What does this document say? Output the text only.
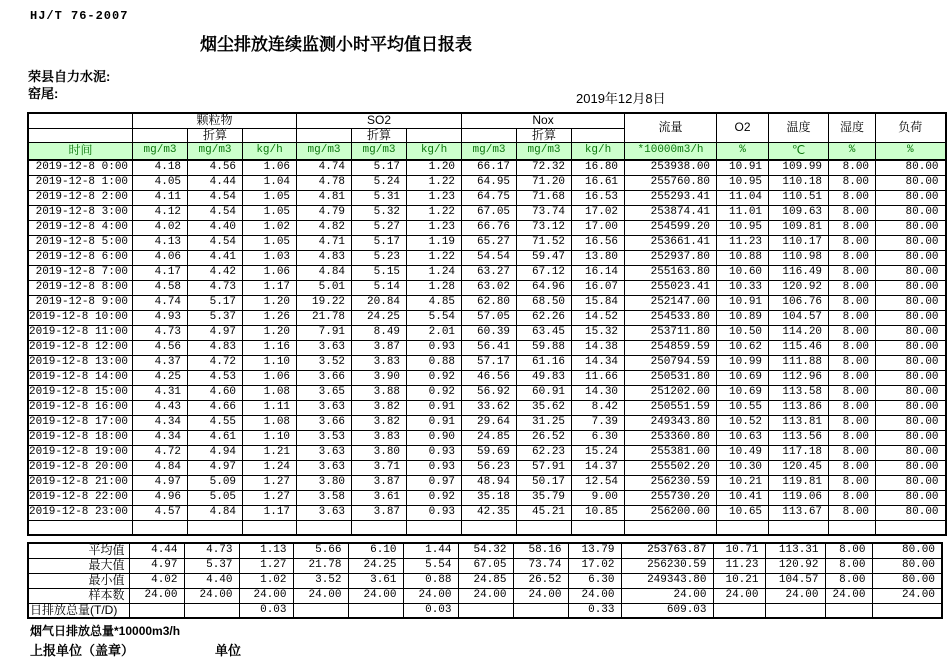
HJ/T 76-2007
烟尘排放连续监测小时平均值日报表
荣县自力水泥:
窑尾:	2019年12月8日
	颗粒物			SO2			Nox			流量	O2	温度	湿度	负荷
		折算			折算			折算						
时间	mg/m3	mg/m3	kg/h	mg/m3	mg/m3	kg/h	mg/m3	mg/m3	kg/h	*10000m3/h	%	℃	%	%
2019-12-8 0:00	4.18	4.56	1.06	4.74	5.17	1.20	66.17	72.32	16.80	253938.00	10.91	109.99	8.00	80.00
2019-12-8 1:00	4.05	4.44	1.04	4.78	5.24	1.22	64.95	71.20	16.61	255760.80	10.95	110.18	8.00	80.00
2019-12-8 2:00	4.11	4.54	1.05	4.81	5.31	1.23	64.75	71.68	16.53	255293.41	11.04	110.51	8.00	80.00
2019-12-8 3:00	4.12	4.54	1.05	4.79	5.32	1.22	67.05	73.74	17.02	253874.41	11.01	109.63	8.00	80.00
2019-12-8 4:00	4.02	4.40	1.02	4.82	5.27	1.23	66.76	73.12	17.00	254599.20	10.95	109.81	8.00	80.00
2019-12-8 5:00	4.13	4.54	1.05	4.71	5.17	1.19	65.27	71.52	16.56	253661.41	11.23	110.17	8.00	80.00
2019-12-8 6:00	4.06	4.41	1.03	4.83	5.23	1.22	54.54	59.47	13.80	252937.80	10.88	110.98	8.00	80.00
2019-12-8 7:00	4.17	4.42	1.06	4.84	5.15	1.24	63.27	67.12	16.14	255163.80	10.60	116.49	8.00	80.00
2019-12-8 8:00	4.58	4.73	1.17	5.01	5.14	1.28	63.02	64.96	16.07	255023.41	10.33	120.92	8.00	80.00
2019-12-8 9:00	4.74	5.17	1.20	19.22	20.84	4.85	62.80	68.50	15.84	252147.00	10.91	106.76	8.00	80.00
2019-12-8 10:00	4.93	5.37	1.26	21.78	24.25	5.54	57.05	62.26	14.52	254533.80	10.89	104.57	8.00	80.00
2019-12-8 11:00	4.73	4.97	1.20	7.91	8.49	2.01	60.39	63.45	15.32	253711.80	10.50	114.20	8.00	80.00
2019-12-8 12:00	4.56	4.83	1.16	3.63	3.87	0.93	56.41	59.88	14.38	254859.59	10.62	115.46	8.00	80.00
2019-12-8 13:00	4.37	4.72	1.10	3.52	3.83	0.88	57.17	61.16	14.34	250794.59	10.99	111.88	8.00	80.00
2019-12-8 14:00	4.25	4.53	1.06	3.66	3.90	0.92	46.56	49.83	11.66	250531.80	10.69	112.96	8.00	80.00
2019-12-8 15:00	4.31	4.60	1.08	3.65	3.88	0.92	56.92	60.91	14.30	251202.00	10.69	113.58	8.00	80.00
2019-12-8 16:00	4.43	4.66	1.11	3.63	3.82	0.91	33.62	35.62	8.42	250551.59	10.55	113.86	8.00	80.00
2019-12-8 17:00	4.34	4.55	1.08	3.66	3.82	0.91	29.64	31.25	7.39	249343.80	10.52	113.81	8.00	80.00
2019-12-8 18:00	4.34	4.61	1.10	3.53	3.83	0.90	24.85	26.52	6.30	253360.80	10.63	113.56	8.00	80.00
2019-12-8 19:00	4.72	4.94	1.21	3.63	3.80	0.93	59.69	62.23	15.24	255381.00	10.49	117.18	8.00	80.00
2019-12-8 20:00	4.84	4.97	1.24	3.63	3.71	0.93	56.23	57.91	14.37	255502.20	10.30	120.45	8.00	80.00
2019-12-8 21:00	4.97	5.09	1.27	3.80	3.87	0.97	48.94	50.17	12.54	256230.59	10.21	119.81	8.00	80.00
2019-12-8 22:00	4.96	5.05	1.27	3.58	3.61	0.92	35.18	35.79	9.00	255730.20	10.41	119.06	8.00	80.00
2019-12-8 23:00	4.57	4.84	1.17	3.63	3.87	0.93	42.35	45.21	10.85	256200.00	10.65	113.67	8.00	80.00

平均值	4.44	4.73	1.13	5.66	6.10	1.44	54.32	58.16	13.79	253763.87	10.71	113.31	8.00	80.00
最大值	4.97	5.37	1.27	21.78	24.25	5.54	67.05	73.74	17.02	256230.59	11.23	120.92	8.00	80.00
最小值	4.02	4.40	1.02	3.52	3.61	0.88	24.85	26.52	6.30	249343.80	10.21	104.57	8.00	80.00
样本数	24.00	24.00	24.00	24.00	24.00	24.00	24.00	24.00	24.00	24.00	24.00	24.00	24.00	24.00
日排放总量(T/D)			0.03			0.03			0.33	609.03				
烟气日排放总量*10000m3/h
上报单位（盖章）	单位
